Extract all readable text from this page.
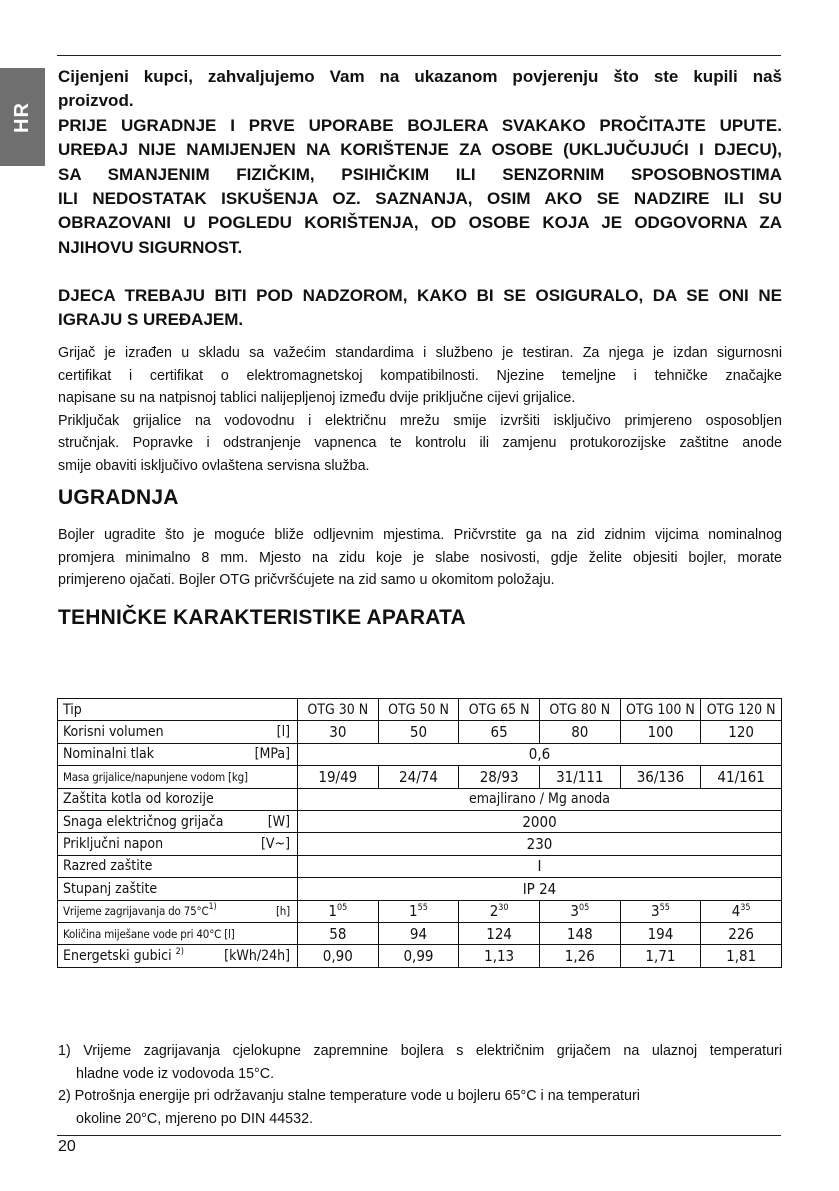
HR

Cijenjeni kupci, zahvaljujemo Vam na ukazanom povjerenju što ste kupili naš
proizvod.

PRIJE UGRADNJE I PRVE UPORABE BOJLERA SVAKAKO PROČITAJTE UPUTE.
UREĐAJ NIJE NAMIJENJEN NA KORIŠTENJE ZA OSOBE (UKLJUČUJUĆI I DJECU),
SA SMANJENIM FIZIČKIM, PSIHIČKIM ILI SENZORNIM SPOSOBNOSTIMA
ILI NEDOSTATAK ISKUŠENJA OZ. SAZNANJA, OSIM AKO SE NADZIRE ILI SU
OBRAZOVANI U POGLEDU KORIŠTENJA, OD OSOBE KOJA JE ODGOVORNA ZA
NJIHOVU SIGURNOST.

DJECA TREBAJU BITI POD NADZOROM, KAKO BI SE OSIGURALO, DA SE ONI NE
IGRAJU S UREĐAJEM.

Grijač je izrađen u skladu sa važećim standardima i službeno je testiran. Za njega je izdan sigurnosni
certifikat i certifikat o elektromagnetskoj kompatibilnosti. Njezine temeljne i tehničke značajke
napisane su na natpisnoj tablici nalijepljenoj između dvije priključne cijevi grijalice.
Priključak grijalice na vodovodnu i električnu mrežu smije izvršiti isključivo primjereno osposobljen
stručnjak. Popravke i odstranjenje vapnenca te kontrolu ili zamjenu protukorozijske zaštitne anode
smije obaviti isključivo ovlaštena servisna služba.

UGRADNJA

Bojler ugradite što je moguće bliže odljevnim mjestima. Pričvrstite ga na zid zidnim vijcima nominalnog
promjera minimalno 8 mm. Mjesto na zidu koje je slabe nosivosti, gdje želite objesiti bojler, morate
primjereno ojačati. Bojler OTG pričvršćujete na zid samo u okomitom položaju.

TEHNIČKE KARAKTERISTIKE APARATA
Tip	OTG 30 N	OTG 50 N	OTG 65 N	OTG 80 N	OTG 100 N	OTG 120 N
Korisni volumen [l]	30	50	65	80	100	120
Nominalni tlak [MPa]	0,6					
Masa grijalice/napunjene vodom [kg]	19/49	24/74	28/93	31/111	36/136	41/161
Zaštita kotla od korozije	emajlirano / Mg anoda					
Snaga električnog grijača [W]	2000					
Priključni napon [V~]	230					
Razred zaštite	I					
Stupanj zaštite	IP 24					
Vrijeme zagrijavanja do $75^\circ C^{1)}$ [h]	$1^{05}$	$1^{55}$	$2^{30}$	$3^{05}$	$3^{55}$	$4^{35}$
Količina miješane vode pri 40°C [l]	58	94	124	148	194	226
Energetski gubici $^{2)}$ [kWh/24h]	0,90	0,99	1,13	1,26	1,71	1,81
1) Vrijeme zagrijavanja cjelokupne zapremnine bojlera s električnim grijačem na ulaznoj temperaturi
hladne vode iz vodovoda 15°C.
2) Potrošnja energije pri održavanju stalne temperature vode u bojleru 65°C i na temperaturi
okoline 20°C, mjereno po DIN 44532.
20
